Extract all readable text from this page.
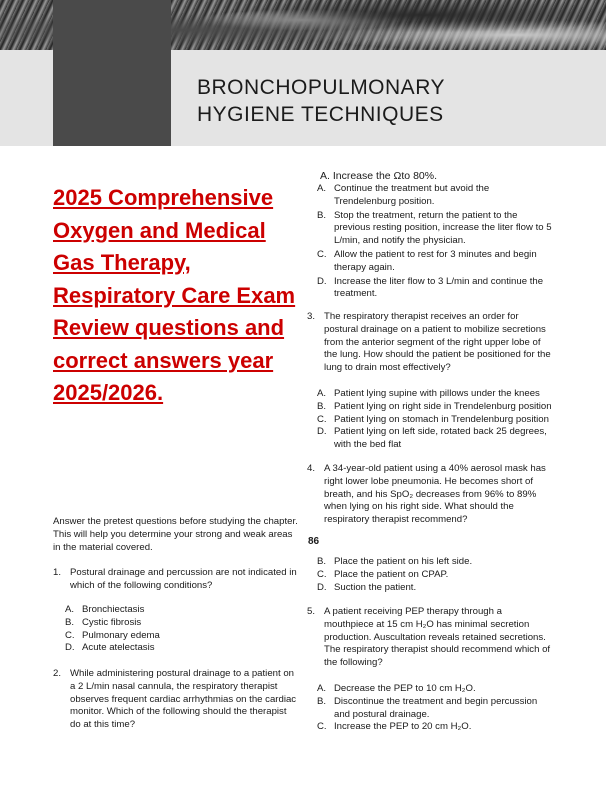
BRONCHOPULMONARY
HYGIENE TECHNIQUES
2025 Comprehensive
Oxygen and Medical
Gas Therapy,
Respiratory Care Exam
Review questions and
correct answers year
2025/2026.
Answer the pretest questions before studying the chapter. This will help you determine your strong and weak areas in the material covered.
1. Postural drainage and percussion are not indicated in which of the following conditions?
A. Bronchiectasis
B. Cystic fibrosis
C. Pulmonary edema
D. Acute atelectasis
2. While administering postural drainage to a patient on a 2 L/min nasal cannula, the respiratory therapist observes frequent cardiac arrhythmias on the cardiac monitor. Which of the following should the therapist do at this time?
A. Increase the Ωto 80%.
A. Continue the treatment but avoid the Trendelenburg position.
B. Stop the treatment, return the patient to the previous resting position, increase the liter flow to 5 L/min, and notify the physician.
C. Allow the patient to rest for 3 minutes and begin therapy again.
D. Increase the liter flow to 3 L/min and continue the treatment.
3. The respiratory therapist receives an order for postural drainage on a patient to mobilize secretions from the anterior segment of the right upper lobe of the lung. How should the patient be positioned for the lung to drain most effectively?
A. Patient lying supine with pillows under the knees
B. Patient lying on right side in Trendelenburg position
C. Patient lying on stomach in Trendelenburg position
D. Patient lying on left side, rotated back 25 degrees, with the bed flat
4. A 34-year-old patient using a 40% aerosol mask has right lower lobe pneumonia. He becomes short of breath, and his SpO₂ decreases from 96% to 89% when lying on his right side. What should the respiratory therapist recommend?
86
B. Place the patient on his left side.
C. Place the patient on CPAP.
D. Suction the patient.
5. A patient receiving PEP therapy through a mouthpiece at 15 cm H₂O has minimal secretion production. Auscultation reveals retained secretions. The respiratory therapist should recommend which of the following?
A. Decrease the PEP to 10 cm H₂O.
B. Discontinue the treatment and begin percussion and postural drainage.
C. Increase the PEP to 20 cm H₂O.
